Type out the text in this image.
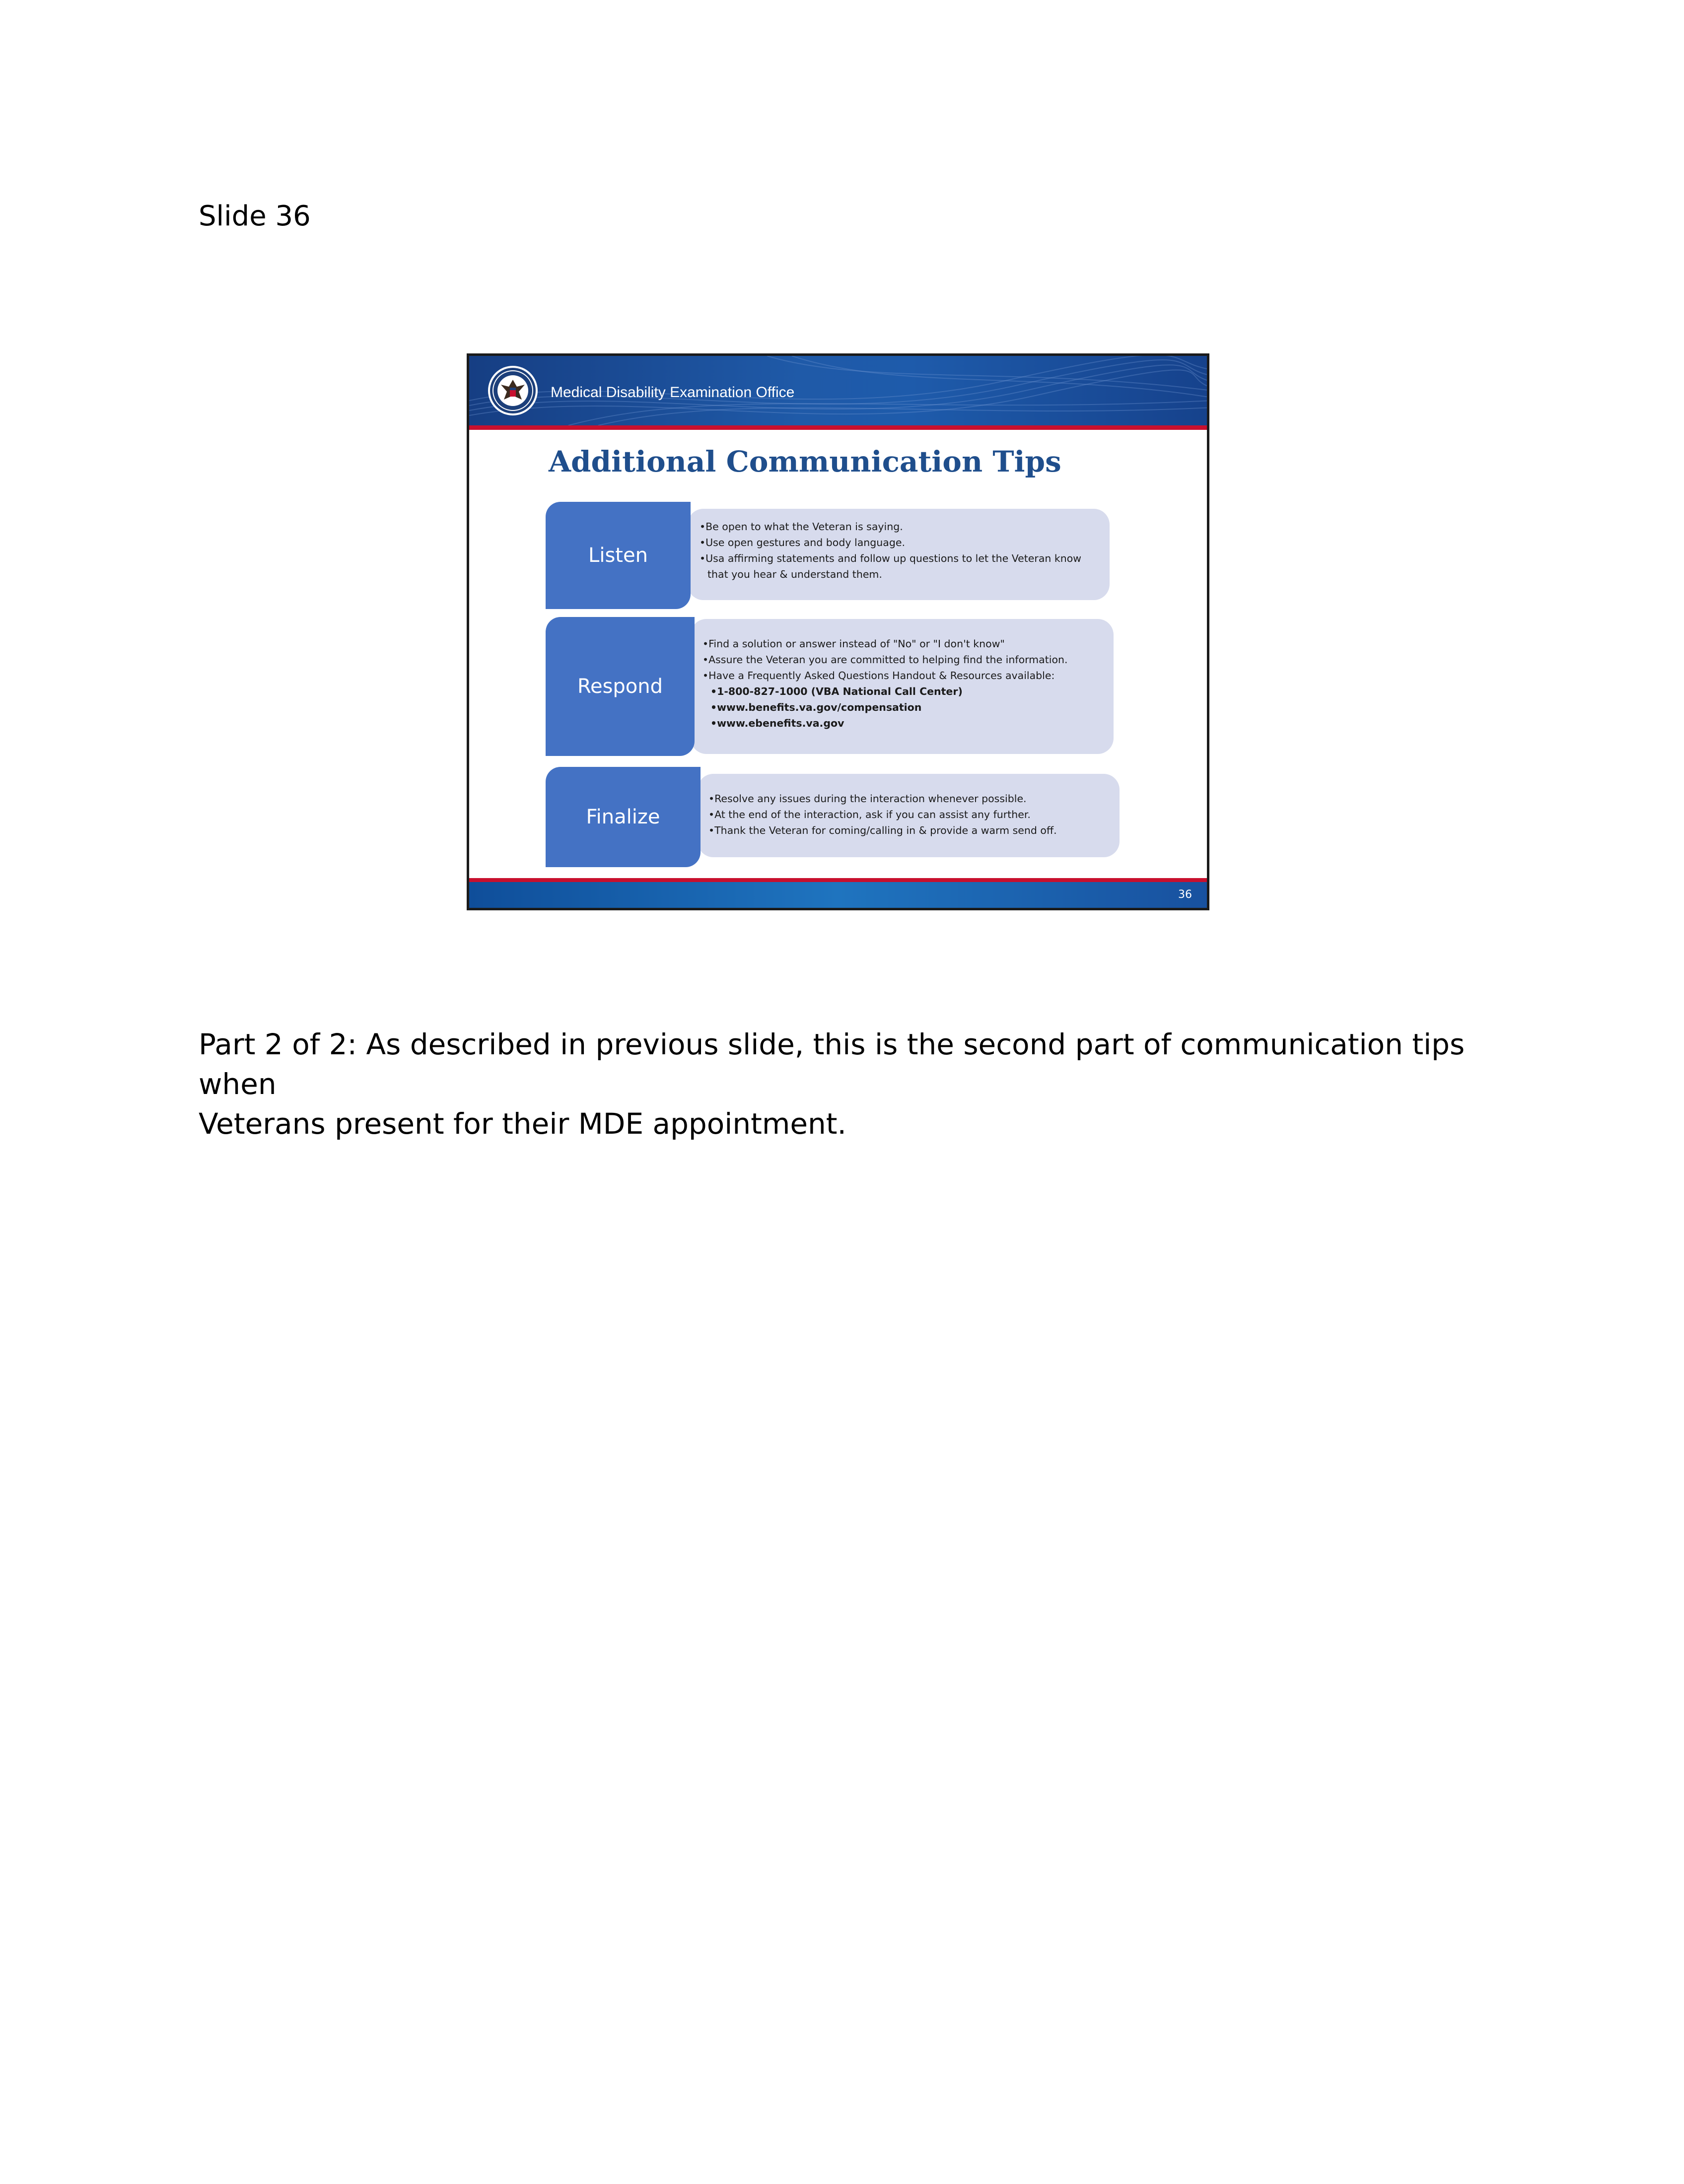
Slide 36
Medical Disability Examination Office
Additional Communication Tips
Listen
•Be open to what the Veteran is saying.
•Use open gestures and body language.
•Usa affirming statements and follow up questions to let the Veteran know
that you hear & understand them.
Respond
•Find a solution or answer instead of "No" or "I don't know"
•Assure the Veteran you are committed to helping find the information.
•Have a Frequently Asked Questions Handout & Resources available:
•1-800-827-1000 (VBA National Call Center)
•www.benefits.va.gov/compensation
•www.ebenefits.va.gov
Finalize
•Resolve any issues during the interaction whenever possible.
•At the end of the interaction, ask if you can assist any further.
•Thank the Veteran for coming/calling in & provide a warm send off.
36
Part 2 of 2: As described in previous slide, this is the second part of communication tips when
Veterans present for their MDE appointment.
